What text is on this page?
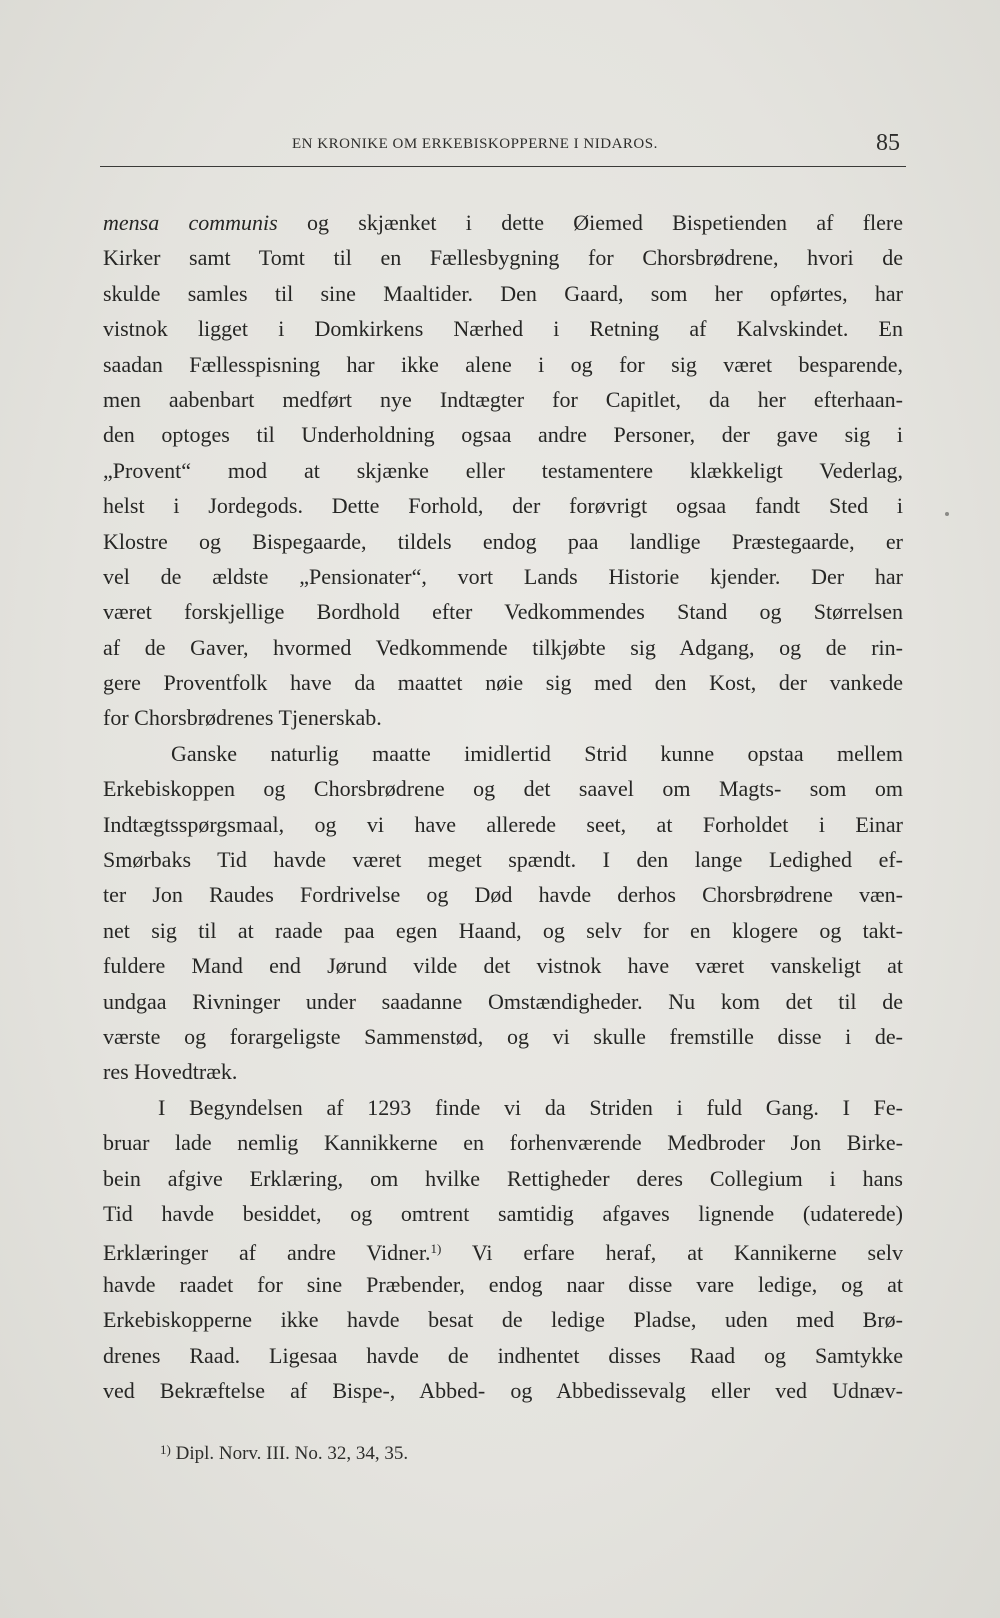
EN KRONIKE OM ERKEBISKOPPERNE I NIDAROS.	85
mensa communis og skjænket i dette Øiemed Bispetienden af flere
Kirker samt Tomt til en Fællesbygning for Chorsbrødrene, hvori de
skulde samles til sine Maaltider. Den Gaard, som her opførtes, har
vistnok ligget i Domkirkens Nærhed i Retning af Kalvskindet. En
saadan Fællesspisning har ikke alene i og for sig været besparende,
men aabenbart medført nye Indtægter for Capitlet, da her efterhaan-
den optoges til Underholdning ogsaa andre Personer, der gave sig i
„Provent“ mod at skjænke eller testamentere klækkeligt Vederlag,
helst i Jordegods. Dette Forhold, der forøvrigt ogsaa fandt Sted i
Klostre og Bispegaarde, tildels endog paa landlige Præstegaarde, er
vel de ældste „Pensionater“, vort Lands Historie kjender. Der har
været forskjellige Bordhold efter Vedkommendes Stand og Størrelsen
af de Gaver, hvormed Vedkommende tilkjøbte sig Adgang, og de rin-
gere Proventfolk have da maattet nøie sig med den Kost, der vankede
for Chorsbrødrenes Tjenerskab.
Ganske naturlig maatte imidlertid Strid kunne opstaa mellem
Erkebiskoppen og Chorsbrødrene og det saavel om Magts- som om
Indtægtsspørgsmaal, og vi have allerede seet, at Forholdet i Einar
Smørbaks Tid havde været meget spændt. I den lange Ledighed ef-
ter Jon Raudes Fordrivelse og Død havde derhos Chorsbrødrene væn-
net sig til at raade paa egen Haand, og selv for en klogere og takt-
fuldere Mand end Jørund vilde det vistnok have været vanskeligt at
undgaa Rivninger under saadanne Omstændigheder. Nu kom det til de
værste og forargeligste Sammenstød, og vi skulle fremstille disse i de-
res Hovedtræk.
I Begyndelsen af 1293 finde vi da Striden i fuld Gang. I Fe-
bruar lade nemlig Kannikkerne en forhenværende Medbroder Jon Birke-
bein afgive Erklæring, om hvilke Rettigheder deres Collegium i hans
Tid havde besiddet, og omtrent samtidig afgaves lignende (udaterede)
Erklæringer af andre Vidner.$^{1)}$ Vi erfare heraf, at Kannikerne selv
havde raadet for sine Præbender, endog naar disse vare ledige, og at
Erkebiskopperne ikke havde besat de ledige Pladse, uden med Brø-
drenes Raad. Ligesaa havde de indhentet disses Raad og Samtykke
ved Bekræftelse af Bispe-, Abbed- og Abbedissevalg eller ved Udnæv-
$^{1)}$ Dipl. Norv. III. No. 32, 34, 35.
